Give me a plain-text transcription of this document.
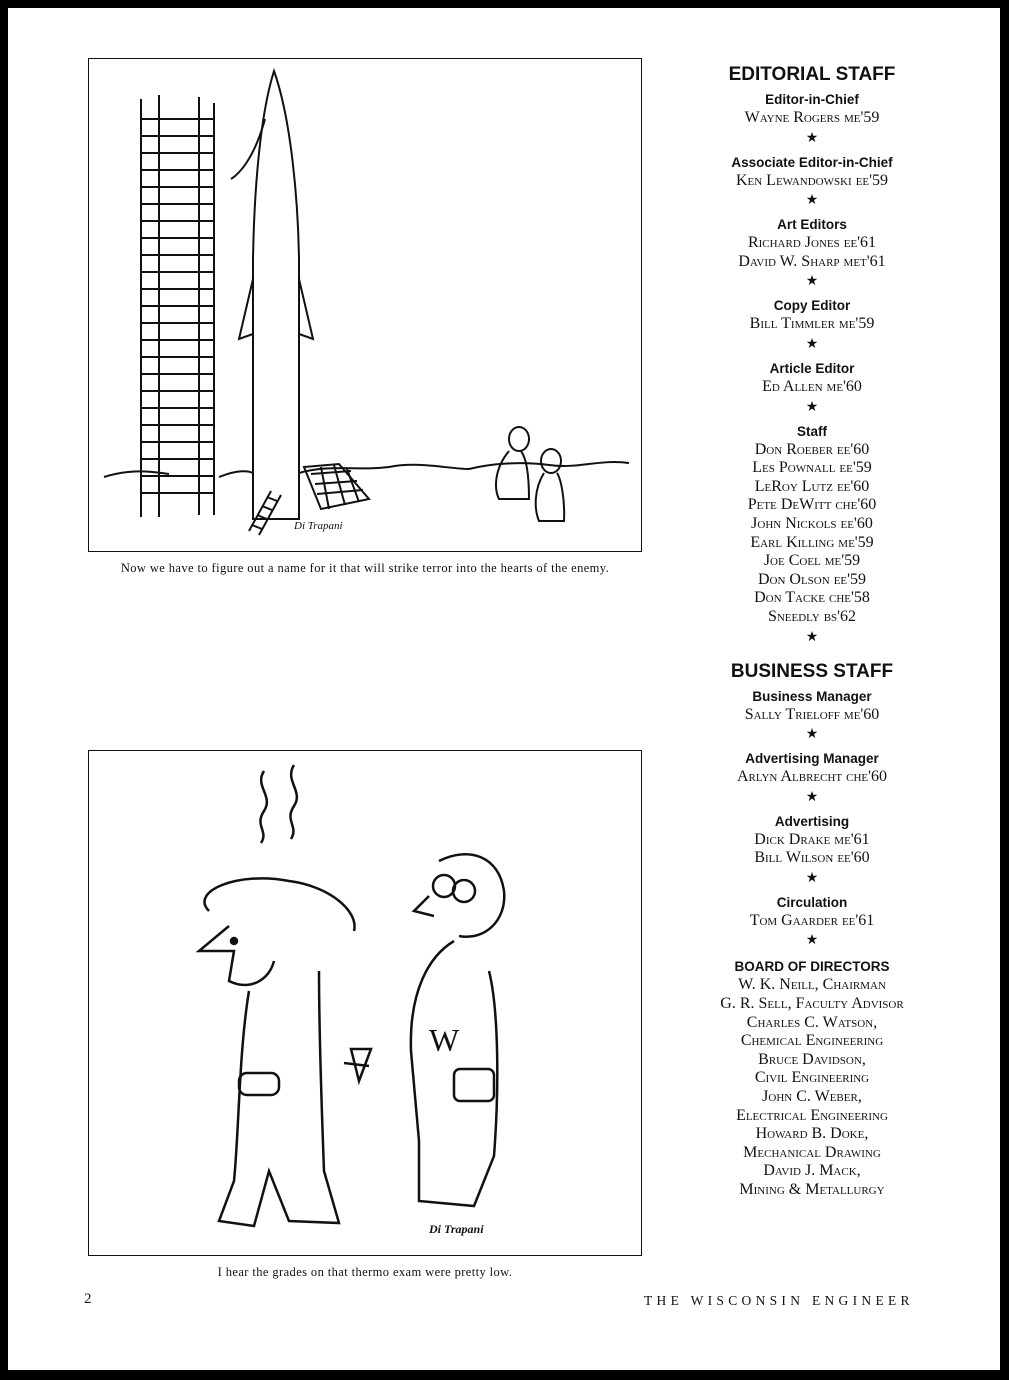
Di Trapani
Now we have to figure out a name for it that will strike terror into the hearts of the enemy.
W
Di Trapani
I hear the grades on that thermo exam were pretty low.
EDITORIAL STAFF
Editor-in-Chief
Wayne Rogers me'59
★
Associate Editor-in-Chief
Ken Lewandowski ee'59
★
Art Editors
Richard Jones ee'61
David W. Sharp met'61
★
Copy Editor
Bill Timmler me'59
★
Article Editor
Ed Allen me'60
★
Staff
Don Roeber ee'60
Les Pownall ee'59
LeRoy Lutz ee'60
Pete DeWitt che'60
John Nickols ee'60
Earl Killing me'59
Joe Coel me'59
Don Olson ee'59
Don Tacke che'58
Sneedly bs'62
★
BUSINESS STAFF
Business Manager
Sally Trieloff me'60
★
Advertising Manager
Arlyn Albrecht che'60
★
Advertising
Dick Drake me'61
Bill Wilson ee'60
★
Circulation
Tom Gaarder ee'61
★
BOARD OF DIRECTORS
W. K. Neill, Chairman
G. R. Sell, Faculty Advisor
Charles C. Watson,
Chemical Engineering
Bruce Davidson,
Civil Engineering
John C. Weber,
Electrical Engineering
Howard B. Doke,
Mechanical Drawing
David J. Mack,
Mining & Metallurgy
2	THE WISCONSIN ENGINEER
